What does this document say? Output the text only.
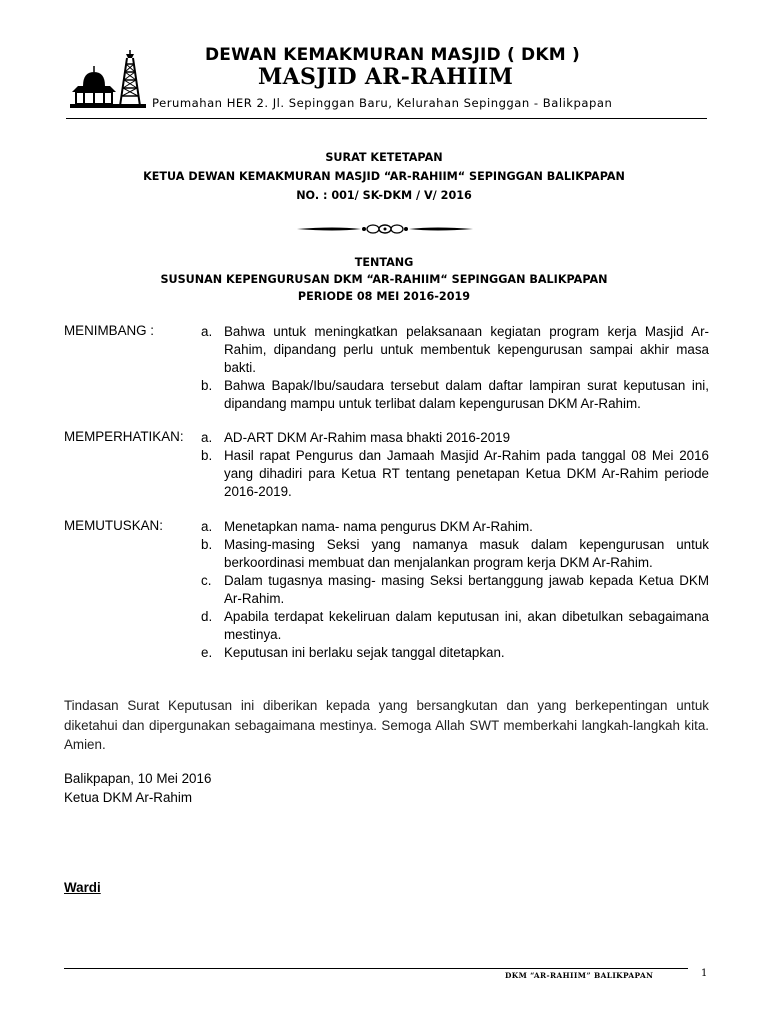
DEWAN KEMAKMURAN MASJID ( DKM )
MASJID AR-RAHIIM
Perumahan HER 2. Jl. Sepinggan Baru, Kelurahan Sepinggan - Balikpapan
SURAT KETETAPAN
KETUA DEWAN KEMAKMURAN MASJID “AR-RAHIIM“ SEPINGGAN BALIKPAPAN
NO. : 001/ SK-DKM / V/ 2016
TENTANG
SUSUNAN KEPENGURUSAN DKM “AR-RAHIIM“ SEPINGGAN BALIKPAPAN
PERIODE 08 MEI 2016-2019
MENIMBANG :	a. Bahwa untuk meningkatkan pelaksanaan kegiatan program kerja Masjid Ar-Rahim, dipandang perlu untuk membentuk kepengurusan sampai akhir masa bakti.
b. Bahwa Bapak/Ibu/saudara tersebut dalam daftar lampiran surat keputusan ini, dipandang mampu untuk terlibat dalam kepengurusan DKM Ar-Rahim.
MEMPERHATIKAN: a. AD-ART DKM Ar-Rahim masa bhakti 2016-2019
b. Hasil rapat Pengurus dan Jamaah Masjid Ar-Rahim pada tanggal 08 Mei 2016 yang dihadiri para Ketua RT tentang penetapan Ketua DKM Ar-Rahim periode 2016-2019.
MEMUTUSKAN:	a. Menetapkan nama- nama pengurus DKM Ar-Rahim.
b. Masing-masing Seksi yang namanya masuk dalam kepengurusan untuk berkoordinasi membuat dan menjalankan program kerja DKM Ar-Rahim.
c. Dalam tugasnya masing- masing Seksi bertanggung jawab kepada Ketua DKM Ar-Rahim.
d. Apabila terdapat kekeliruan dalam keputusan ini, akan dibetulkan sebagaimana mestinya.
e. Keputusan ini berlaku sejak tanggal ditetapkan.
Tindasan Surat Keputusan ini diberikan kepada yang bersangkutan dan yang berkepentingan untuk diketahui dan dipergunakan sebagaimana mestinya. Semoga Allah SWT memberkahi langkah-langkah kita. Amien.
Balikpapan, 10 Mei 2016
Ketua DKM Ar-Rahim
Wardi
DKM “AR-RAHIIM” BALIKPAPAN	1
